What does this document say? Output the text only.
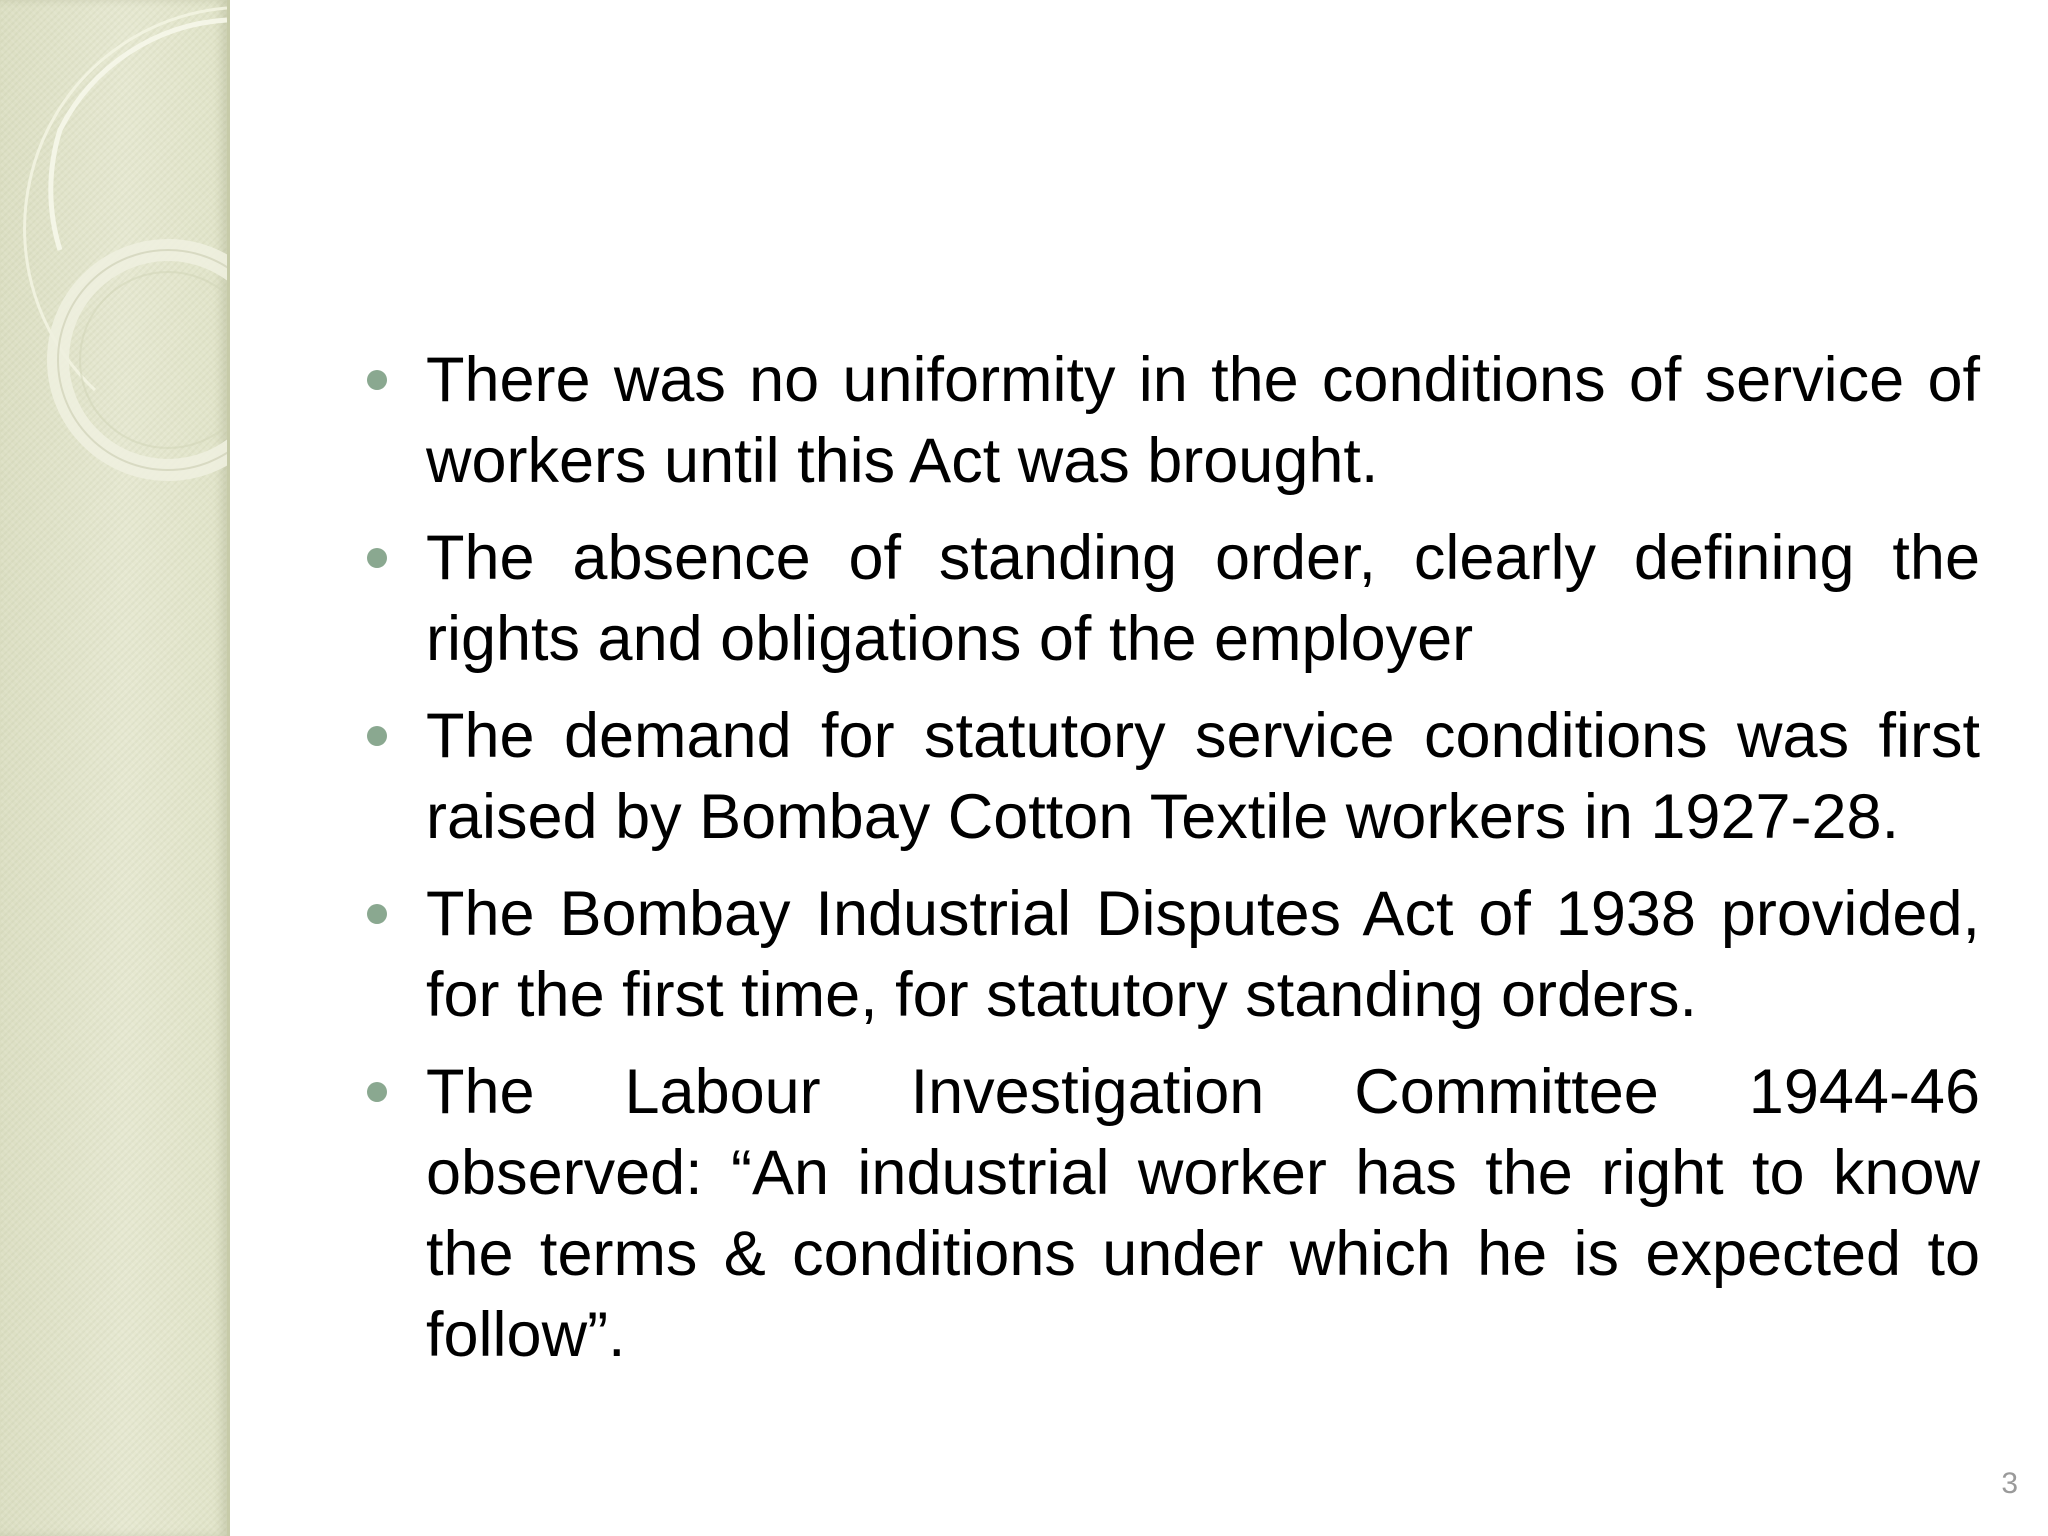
There was no uniformity in the conditions of service of workers until this Act was brought.
The absence of standing order, clearly defining the rights and obligations of the employer
The demand for statutory service conditions was first raised by Bombay Cotton Textile workers in 1927-28.
The Bombay Industrial Disputes Act of 1938 provided, for the first time, for statutory standing orders.
The Labour Investigation Committee 1944-46 observed: “An industrial worker has the right to know the terms & conditions under which he is expected to follow”.
3
